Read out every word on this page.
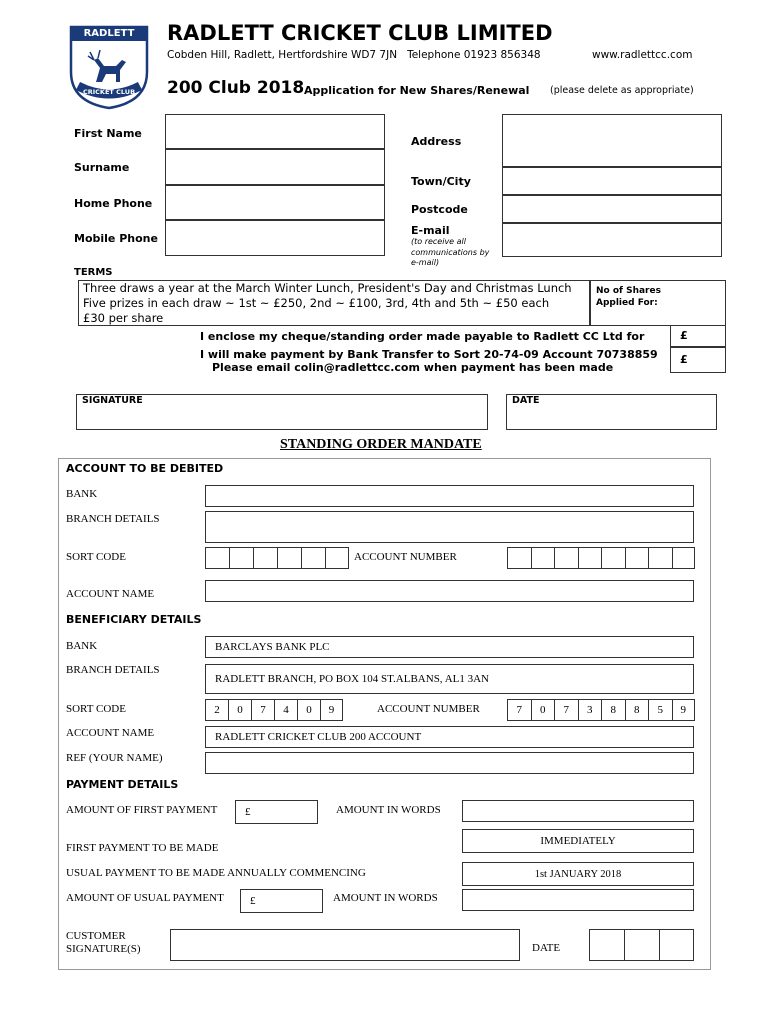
RADLETT
CRICKET CLUB
RADLETT CRICKET CLUB LIMITED
Cobden Hill, Radlett, Hertfordshire WD7 7JN   Telephone 01923 856348	www.radlettcc.com
200 Club 2018 Application for New Shares/Renewal (please delete as appropriate)
First Name
Surname
Home Phone
Mobile Phone
Address
Town/City
Postcode
E-mail
(to receive all communications by e-mail)
TERMS
Three draws a year at the March Winter Lunch, President's Day and Christmas Lunch
Five prizes in each draw ~ 1st ~ £250, 2nd ~ £100, 3rd, 4th and 5th ~ £50 each
£30 per share
No of Shares Applied For:
I enclose my cheque/standing order made payable to Radlett CC Ltd for
I will make payment by Bank Transfer to Sort 20-74-09 Account 70738859
Please email colin@radlettcc.com when payment has been made
£
£
SIGNATURE	DATE
STANDING ORDER MANDATE
ACCOUNT TO BE DEBITED
BANK
BRANCH DETAILS
SORT CODE	ACCOUNT NUMBER
ACCOUNT NAME
BENEFICIARY DETAILS
BANK	BARCLAYS BANK PLC
BRANCH DETAILS
RADLETT BRANCH, PO BOX 104 ST.ALBANS, AL1 3AN
SORT CODE	2	0	7	4	0	9	ACCOUNT NUMBER	7	0	7	3	8	8	5	9
ACCOUNT NAME	RADLETT CRICKET CLUB 200 ACCOUNT
REF (YOUR NAME)
PAYMENT DETAILS
AMOUNT OF FIRST PAYMENT	£	AMOUNT IN WORDS
FIRST PAYMENT TO BE MADE
IMMEDIATELY
USUAL PAYMENT TO BE MADE ANNUALLY COMMENCING	1st JANUARY 2018
AMOUNT OF USUAL PAYMENT £	AMOUNT IN WORDS
CUSTOMER SIGNATURE(S)	DATE
